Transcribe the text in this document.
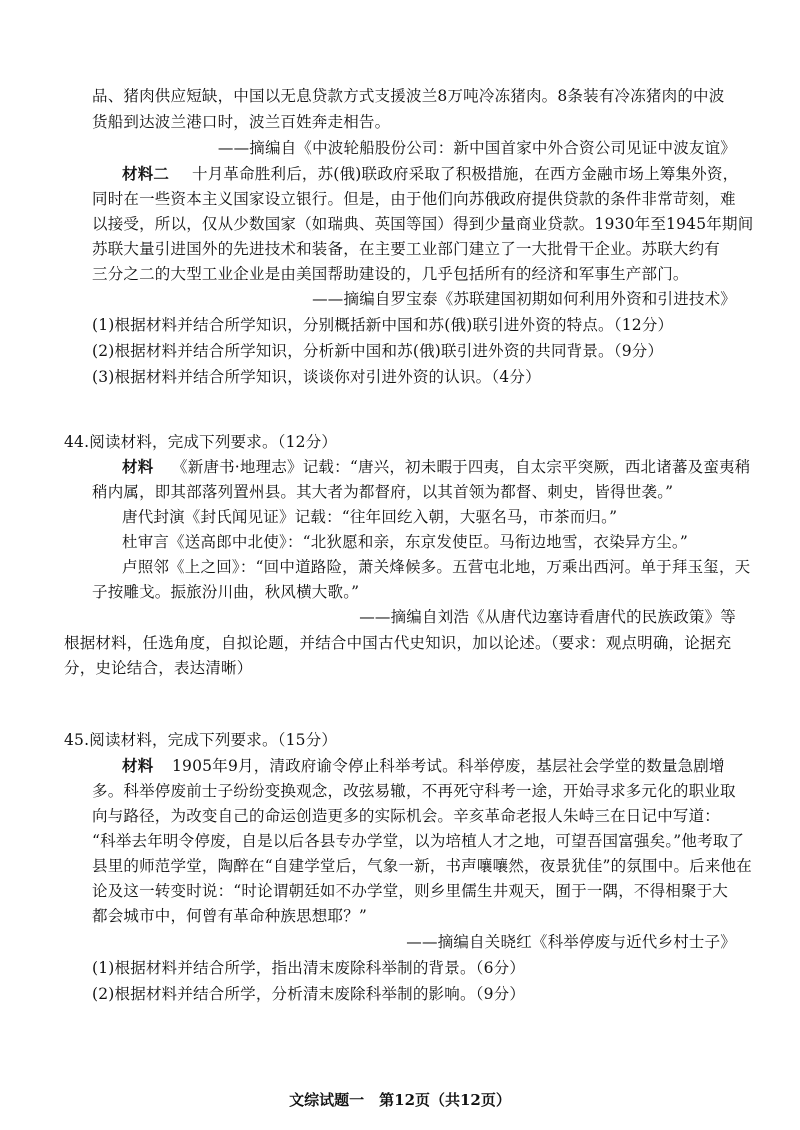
品、猪肉供应短缺，中国以无息贷款方式支援波兰8万吨冷冻猪肉。8条装有冷冻猪肉的中波
货船到达波兰港口时，波兰百姓奔走相告。
——摘编自《中波轮船股份公司：新中国首家中外合资公司见证中波友谊》
材料二 十月革命胜利后，苏(俄)联政府采取了积极措施，在西方金融市场上筹集外资，
同时在一些资本主义国家设立银行。但是，由于他们向苏俄政府提供贷款的条件非常苛刻，难
以接受，所以，仅从少数国家（如瑞典、英国等国）得到少量商业贷款。1930年至1945年期间
苏联大量引进国外的先进技术和装备，在主要工业部门建立了一大批骨干企业。苏联大约有
三分之二的大型工业企业是由美国帮助建设的，几乎包括所有的经济和军事生产部门。
——摘编自罗宝泰《苏联建国初期如何利用外资和引进技术》
(1)根据材料并结合所学知识，分别概括新中国和苏(俄)联引进外资的特点。（12分）
(2)根据材料并结合所学知识，分析新中国和苏(俄)联引进外资的共同背景。（9分）
(3)根据材料并结合所学知识，谈谈你对引进外资的认识。（4分）
44.阅读材料，完成下列要求。（12分）
材料 《新唐书·地理志》记载：“唐兴，初未暇于四夷，自太宗平突厥，西北诸蕃及蛮夷稍
稍内属，即其部落列置州县。其大者为都督府，以其首领为都督、刺史，皆得世袭。”
唐代封演《封氏闻见证》记载：“往年回纥入朝，大驱名马，市茶而归。”
杜审言《送高郎中北使》：“北狄愿和亲，东京发使臣。马衔边地雪，衣染异方尘。”
卢照邻《上之回》：“回中道路险，萧关烽候多。五营屯北地，万乘出西河。单于拜玉玺，天
子按雕戈。振旅汾川曲，秋风横大歌。”
——摘编自刘浩《从唐代边塞诗看唐代的民族政策》等
根据材料，任选角度，自拟论题，并结合中国古代史知识，加以论述。（要求：观点明确，论据充
分，史论结合，表达清晰）
45.阅读材料，完成下列要求。（15分）
材料 1905年9月，清政府谕令停止科举考试。科举停废，基层社会学堂的数量急剧增
多。科举停废前士子纷纷变换观念，改弦易辙，不再死守科考一途，开始寻求多元化的职业取
向与路径，为改变自己的命运创造更多的实际机会。辛亥革命老报人朱峙三在日记中写道：
“科举去年明令停废，自是以后各县专办学堂，以为培植人才之地，可望吾国富强矣。”他考取了
县里的师范学堂，陶醉在“自建学堂后，气象一新，书声嚷嚷然，夜景犹佳”的氛围中。后来他在
论及这一转变时说：“时论谓朝廷如不办学堂，则乡里儒生井观天，囿于一隅，不得相聚于大
都会城市中，何曾有革命种族思想耶？”
——摘编自关晓红《科举停废与近代乡村士子》
(1)根据材料并结合所学，指出清末废除科举制的背景。（6分）
(2)根据材料并结合所学，分析清末废除科举制的影响。（9分）
文综试题一　第12页（共12页）
